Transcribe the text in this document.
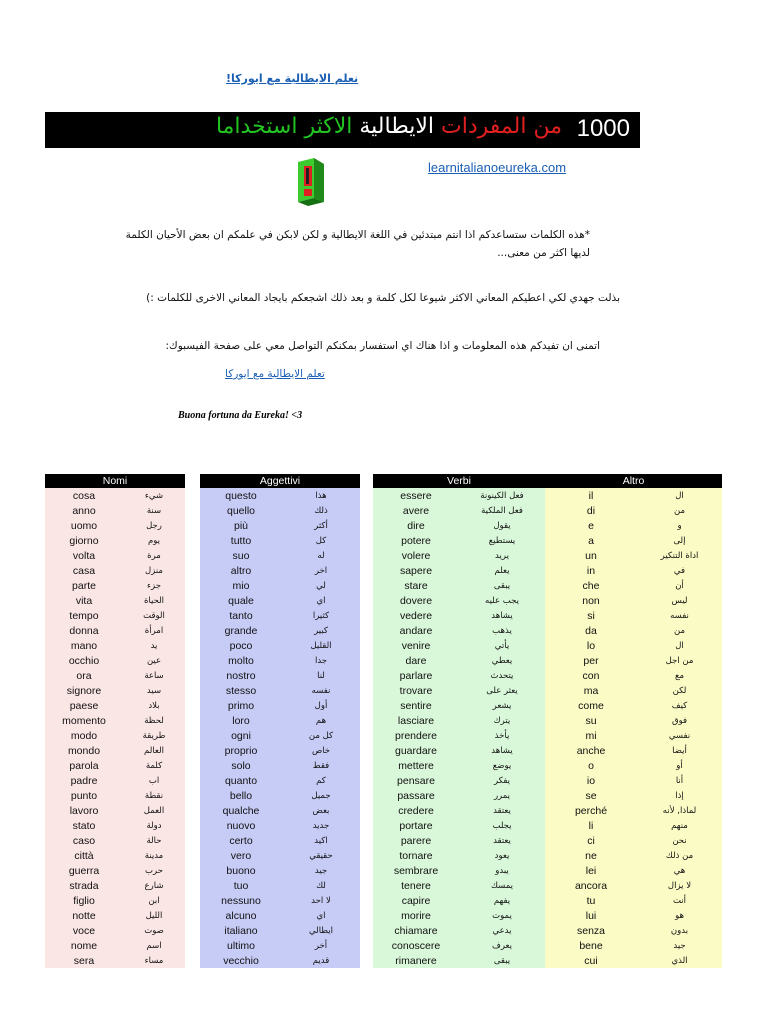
نعلم الايطالية مع ايوركا!
من المفردات الايطالية الاكثر استخداما	1000
learnitalianoeureka.com
*هذه الكلمات ستساعدكم اذا انتم مبتدئين في اللغة الايطالية و لكن لابكن في علمكم ان بعض الأحيان الكلمة لديها اكثر من معنى...
بذلت جهدي لكي اعطيكم المعاني الاكثر شيوعا لكل كلمة و بعد ذلك اشجعكم بايجاد المعاني الاخرى للكلمات :)
اتمنى ان تفيدكم هذه المعلومات و اذا هناك اي استفسار بمكنكم التواصل معي على صفحة الفيسبوك:
تعلم الايطالية مع ايوركا
Buona fortuna da Eureka! <3
Nomi
cosa	شيء
anno	سنة
uomo	رجل
giorno	يوم
volta	مرة
casa	منزل
parte	جزء
vita	الحياة
tempo	الوقت
donna	امرأة
mano	يد
occhio	عين
ora	ساعة
signore	سيد
paese	بلاد
momento	لحظة
modo	طريقة
mondo	العالم
parola	كلمة
padre	اب
punto	نقطة
lavoro	العمل
stato	دولة
caso	حالة
città	مدينة
guerra	حرب
strada	شارع
figlio	ابن
notte	الليل
voce	صوت
nome	اسم
sera	مساء
Aggettivi
questo	هذا
quello	ذلك
più	أكثر
tutto	كل
suo	له
altro	اخر
mio	لي
quale	اي
tanto	كثيرا
grande	كبير
poco	القليل
molto	جدا
nostro	لنا
stesso	نفسه
primo	أول
loro	هم
ogni	كل من
proprio	خاص
solo	فقط
quanto	كم
bello	جميل
qualche	بعض
nuovo	جديد
certo	اكيد
vero	حقيقي
buono	جيد
tuo	لك
nessuno	لا احد
alcuno	اي
italiano	ايطالي
ultimo	أخر
vecchio	قديم
Verbi
essere	فعل الكينونة
avere	فعل الملكية
dire	يقول
potere	يستطيع
volere	يريد
sapere	يعلم
stare	يبقى
dovere	يجب عليه
vedere	يشاهد
andare	يذهب
venire	يأتي
dare	يعطي
parlare	يتحدث
trovare	يعثر على
sentire	يشعر
lasciare	يترك
prendere	يأخذ
guardare	يشاهد
mettere	يوضع
pensare	يفكر
passare	يمرر
credere	يعتقد
portare	يجلب
parere	يعتقد
tornare	يعود
sembrare	يبدو
tenere	يمسك
capire	يفهم
morire	يموت
chiamare	يدعي
conoscere	يعرف
rimanere	يبقى
Altro
il	ال
di	من
e	و
a	إلى
un	اداة التنكير
in	في
che	أن
non	ليس
si	نفسه
da	من
lo	ال
per	من اجل
con	مع
ma	لكن
come	كيف
su	فوق
mi	نفسي
anche	أيضا
o	أو
io	أنا
se	إذا
perché	لماذا, لأنه
li	منهم
ci	نحن
ne	من ذلك
lei	هي
ancora	لا يزال
tu	أنت
lui	هو
senza	بدون
bene	جيد
cui	الذي
